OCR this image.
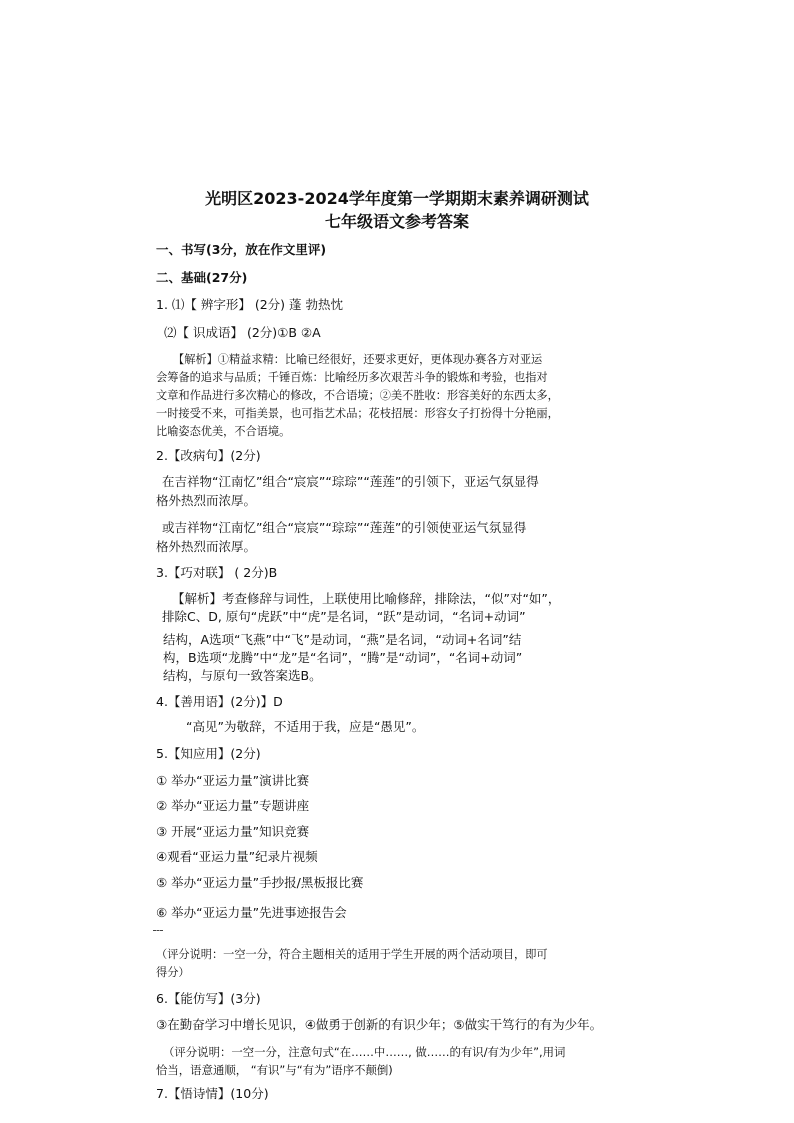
光明区2023-2024学年度第一学期期末素养调研测试
七年级语文参考答案
一、书写(3分，放在作文里评)
二、基础(27分)
1. ⑴【 辨字形】 (2分) 蓬 勃热忱
⑵【 识成语】 (2分)①B ②A
【解析】①精益求精：比喻已经很好，还要求更好，更体现办赛各方对亚运
会筹备的追求与品质；千锤百炼：比喻经历多次艰苦斗争的锻炼和考验，也指对
文章和作品进行多次精心的修改，不合语境；②美不胜收：形容美好的东西太多，
一时接受不来，可指美景，也可指艺术品；花枝招展：形容女子打扮得十分艳丽，
比喻姿态优美，不合语境。
2.【改病句】(2分)
在吉祥物“江南忆”组合“宸宸”“琮琮”“莲莲”的引领下，亚运气氛显得
格外热烈而浓厚。
或吉祥物“江南忆”组合“宸宸”“琮琮”“莲莲”的引领使亚运气氛显得
格外热烈而浓厚。
3.【巧对联】 ( 2分)B
【解析】考查修辞与词性，上联使用比喻修辞，排除法，“似”对“如”，
排除C、D, 原句“虎跃”中“虎”是名词，“跃”是动词，“名词+动词”
结构，A选项“飞燕”中“飞”是动词，“燕”是名词，“动词+名词”结
构，B选项“龙腾”中“龙”是“名词”，“腾”是“动词”，“名词+动词”
结构，与原句一致答案选B。
4.【善用语】(2分)】D
“高见”为敬辞，不适用于我，应是“愚见”。
5.【知应用】(2分)
① 举办“亚运力量”演讲比赛
② 举办“亚运力量”专题讲座
③ 开展“亚运力量”知识竞赛
④观看“亚运力量”纪录片视频
⑤ 举办“亚运力量”手抄报/黑板报比赛
⑥ 举办“亚运力量”先进事迹报告会
（评分说明：一空一分，符合主题相关的适用于学生开展的两个活动项目，即可
得分）
6.【能仿写】(3分)
③在勤奋学习中增长见识，④做勇于创新的有识少年；⑤做实干笃行的有为少年。
（评分说明：一空一分，注意句式“在……中……, 做……的有识/有为少年”,用词
恰当，语意通顺， “有识”与“有为”语序不颠倒)
7.【悟诗情】(10分)
